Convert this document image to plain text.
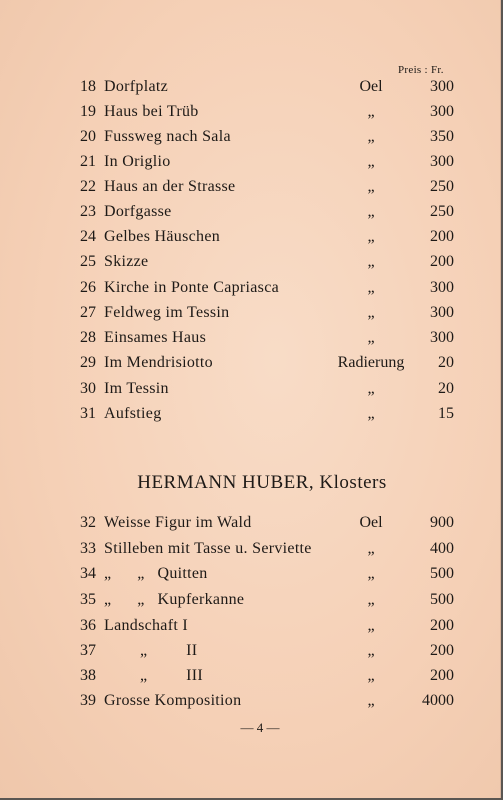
Preis : Fr.
18 Dorfplatz	Oel	300
19 Haus bei Trüb	„	300
20 Fussweg nach Sala	„	350
21 In Origlio	„	300
22 Haus an der Strasse	„	250
23 Dorfgasse	„	250
24 Gelbes Häuschen	„	200
25 Skizze	„	200
26 Kirche in Ponte Capriasca	„	300
27 Feldweg im Tessin	„	300
28 Einsames Haus	„	300
29 Im Mendrisiotto	Radierung	20
30 Im Tessin	„	20
31 Aufstieg	„	15
HERMANN HUBER, Klosters
32 Weisse Figur im Wald	Oel	900
33 Stilleben mit Tasse u. Serviette	„	400
34 „      „   Quitten	„	500
35 „      „   Kupferkanne	„	500
36 Landschaft I	„	200
37	„         II	„	200
38	„         III	„	200
39 Grosse Komposition	„	4000
— 4 —
